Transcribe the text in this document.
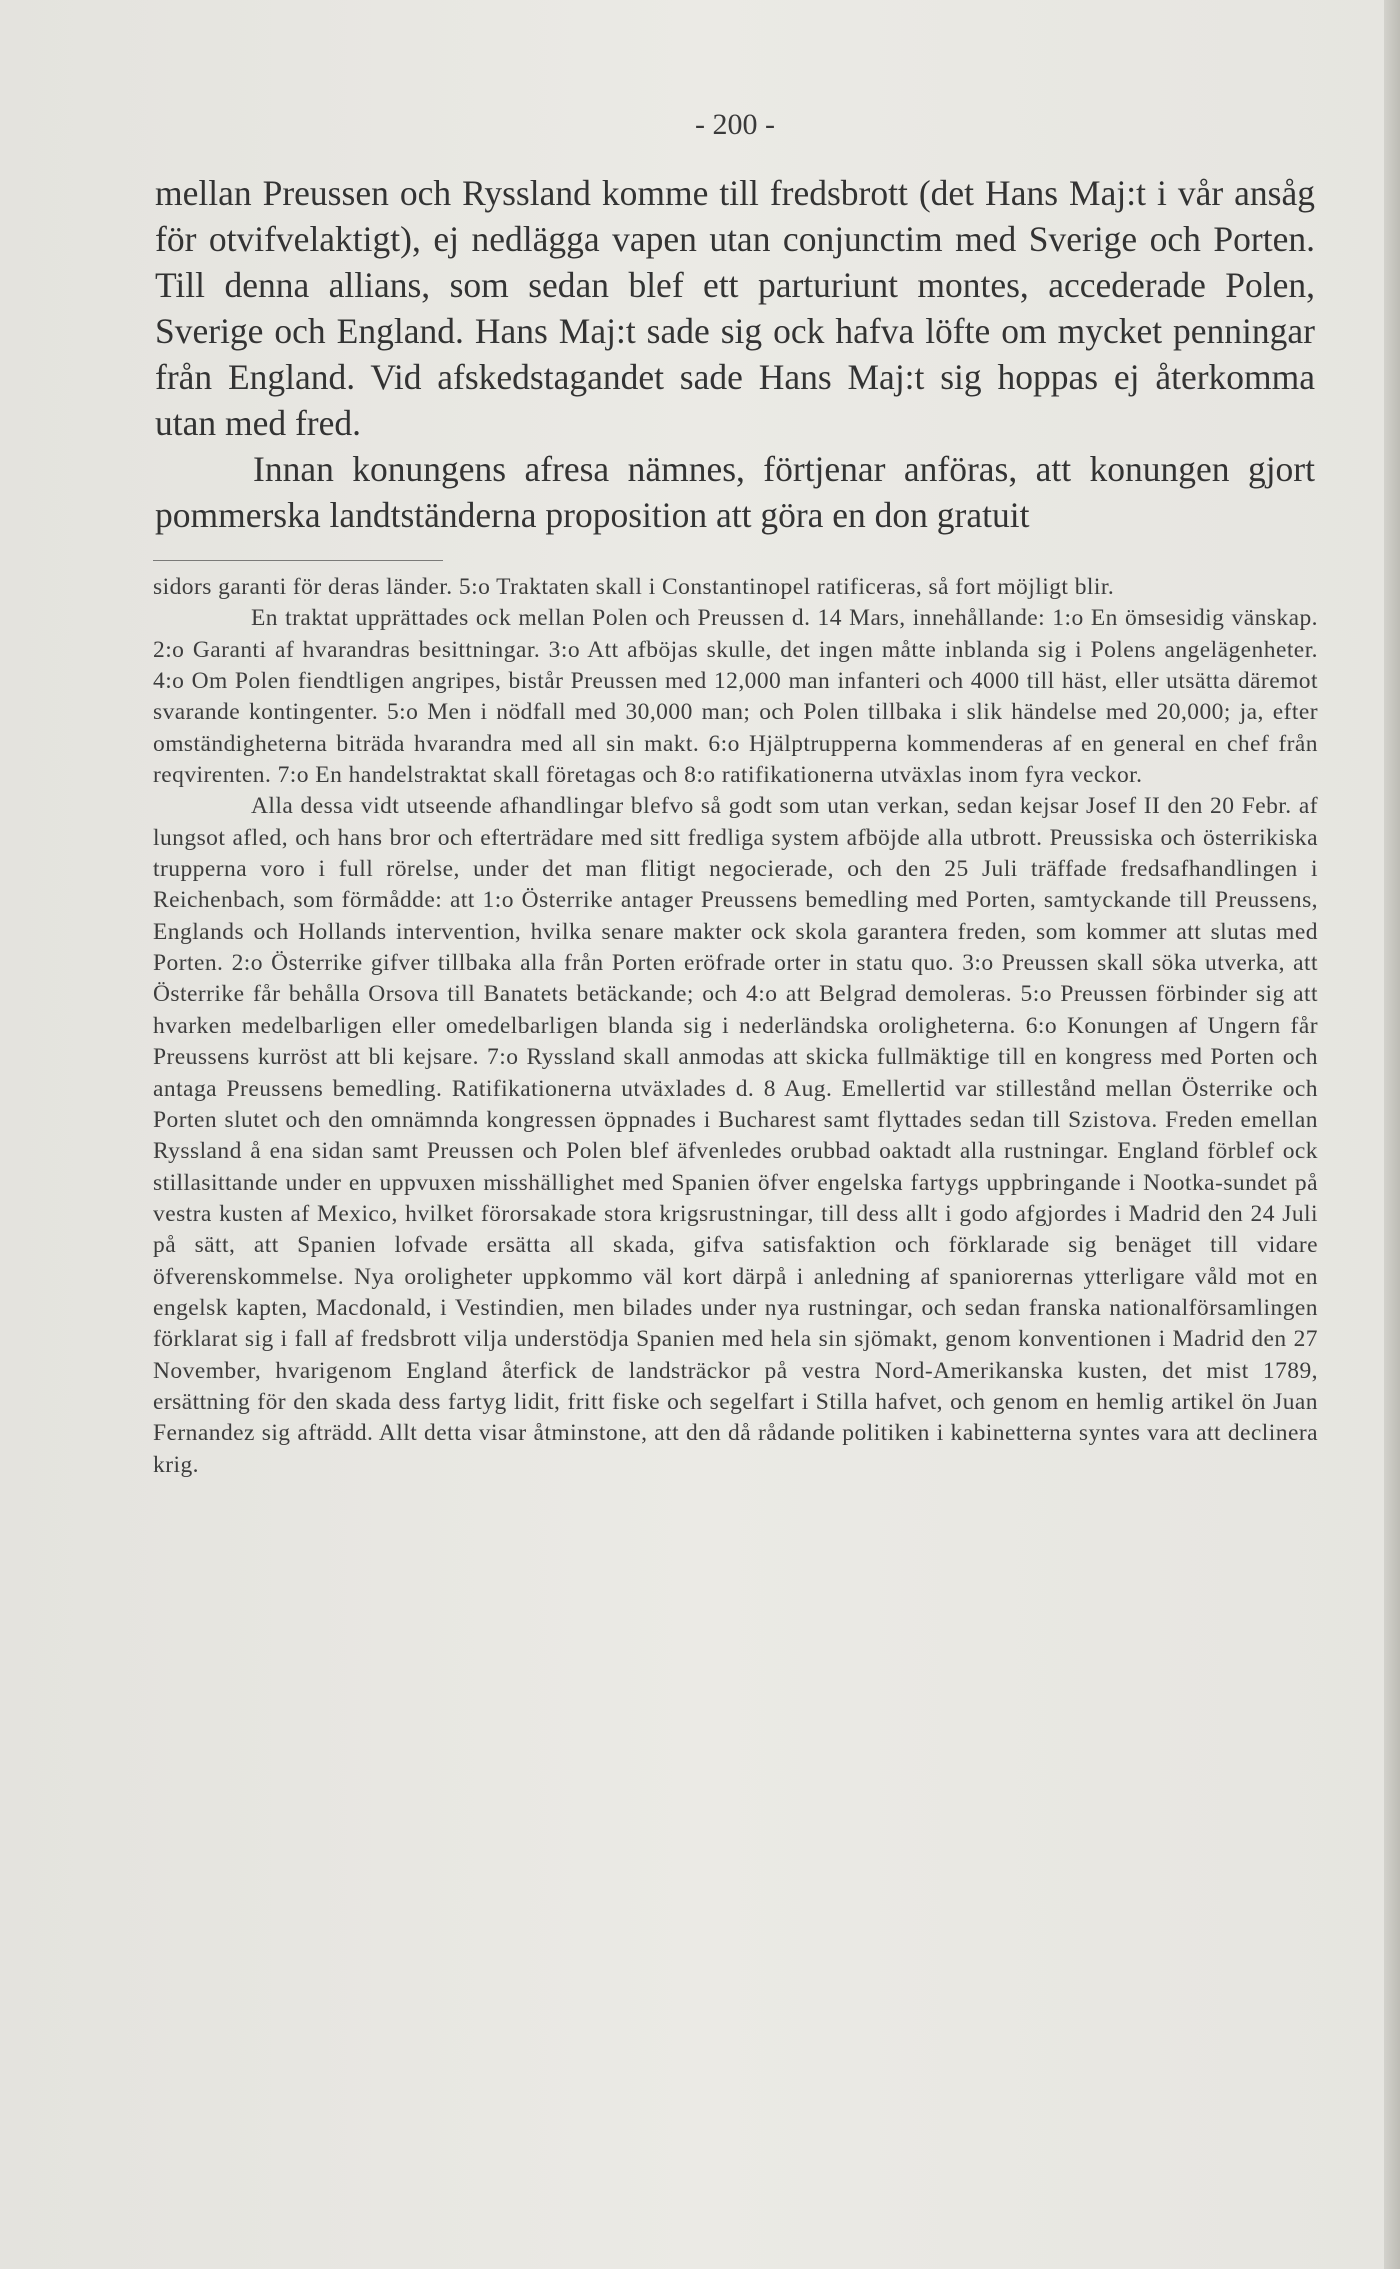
- 200 -

mellan Preussen och Ryssland komme till fredsbrott (det Hans Maj:t i vår ansåg för otvifvelaktigt), ej nedlägga vapen utan conjunctim med Sverige och Porten. Till denna allians, som sedan blef ett parturiunt montes, accederade Polen, Sverige och England. Hans Maj:t sade sig ock hafva löfte om mycket penningar från England. Vid afskedstagandet sade Hans Maj:t sig hoppas ej återkomma utan med fred.

Innan konungens afresa nämnes, förtjenar anföras, att konungen gjort pommerska landtständerna proposition att göra en don gratuit

sidors garanti för deras länder. 5:o Traktaten skall i Constantinopel ratificeras, så fort möjligt blir.

En traktat upprättades ock mellan Polen och Preussen d. 14 Mars, innehållande: 1:o En ömsesidig vänskap. 2:o Garanti af hvarandras besittningar. 3:o Att afböjas skulle, det ingen måtte inblanda sig i Polens angelägenheter. 4:o Om Polen fiendtligen angripes, bistår Preussen med 12,000 man infanteri och 4000 till häst, eller utsätta däremot svarande kontingenter. 5:o Men i nödfall med 30,000 man; och Polen tillbaka i slik händelse med 20,000; ja, efter omständigheterna biträda hvarandra med all sin makt. 6:o Hjälptrupperna kommenderas af en general en chef från reqvirenten. 7:o En handelstraktat skall företagas och 8:o ratifikationerna utväxlas inom fyra veckor.

Alla dessa vidt utseende afhandlingar blefvo så godt som utan verkan, sedan kejsar Josef II den 20 Febr. af lungsot afled, och hans bror och efterträdare med sitt fredliga system afböjde alla utbrott. Preussiska och österrikiska trupperna voro i full rörelse, under det man flitigt negocierade, och den 25 Juli träffade fredsafhandlingen i Reichenbach, som förmådde: att 1:o Österrike antager Preussens bemedling med Porten, samtyckande till Preussens, Englands och Hollands intervention, hvilka senare makter ock skola garantera freden, som kommer att slutas med Porten. 2:o Österrike gifver tillbaka alla från Porten eröfrade orter in statu quo. 3:o Preussen skall söka utverka, att Österrike får behålla Orsova till Banatets betäckande; och 4:o att Belgrad demoleras. 5:o Preussen förbinder sig att hvarken medelbarligen eller omedelbarligen blanda sig i nederländska oroligheterna. 6:o Konungen af Ungern får Preussens kurröst att bli kejsare. 7:o Ryssland skall anmodas att skicka fullmäktige till en kongress med Porten och antaga Preussens bemedling. Ratifikationerna utväxlades d. 8 Aug. Emellertid var stillestånd mellan Österrike och Porten slutet och den omnämnda kongressen öppnades i Bucharest samt flyttades sedan till Szistova. Freden emellan Ryssland å ena sidan samt Preussen och Polen blef äfvenledes orubbad oaktadt alla rustningar. England förblef ock stillasittande under en uppvuxen misshällighet med Spanien öfver engelska fartygs uppbringande i Nootka-sundet på vestra kusten af Mexico, hvilket förorsakade stora krigsrustningar, till dess allt i godo afgjordes i Madrid den 24 Juli på sätt, att Spanien lofvade ersätta all skada, gifva satisfaktion och förklarade sig benäget till vidare öfverenskommelse. Nya oroligheter uppkommo väl kort därpå i anledning af spaniorernas ytterligare våld mot en engelsk kapten, Macdonald, i Vestindien, men bilades under nya rustningar, och sedan franska nationalförsamlingen förklarat sig i fall af fredsbrott vilja understödja Spanien med hela sin sjömakt, genom konventionen i Madrid den 27 November, hvarigenom England återfick de landsträckor på vestra Nord-Amerikanska kusten, det mist 1789, ersättning för den skada dess fartyg lidit, fritt fiske och segelfart i Stilla hafvet, och genom en hemlig artikel ön Juan Fernandez sig afträdd. Allt detta visar åtminstone, att den då rådande politiken i kabinetterna syntes vara att declinera krig.
